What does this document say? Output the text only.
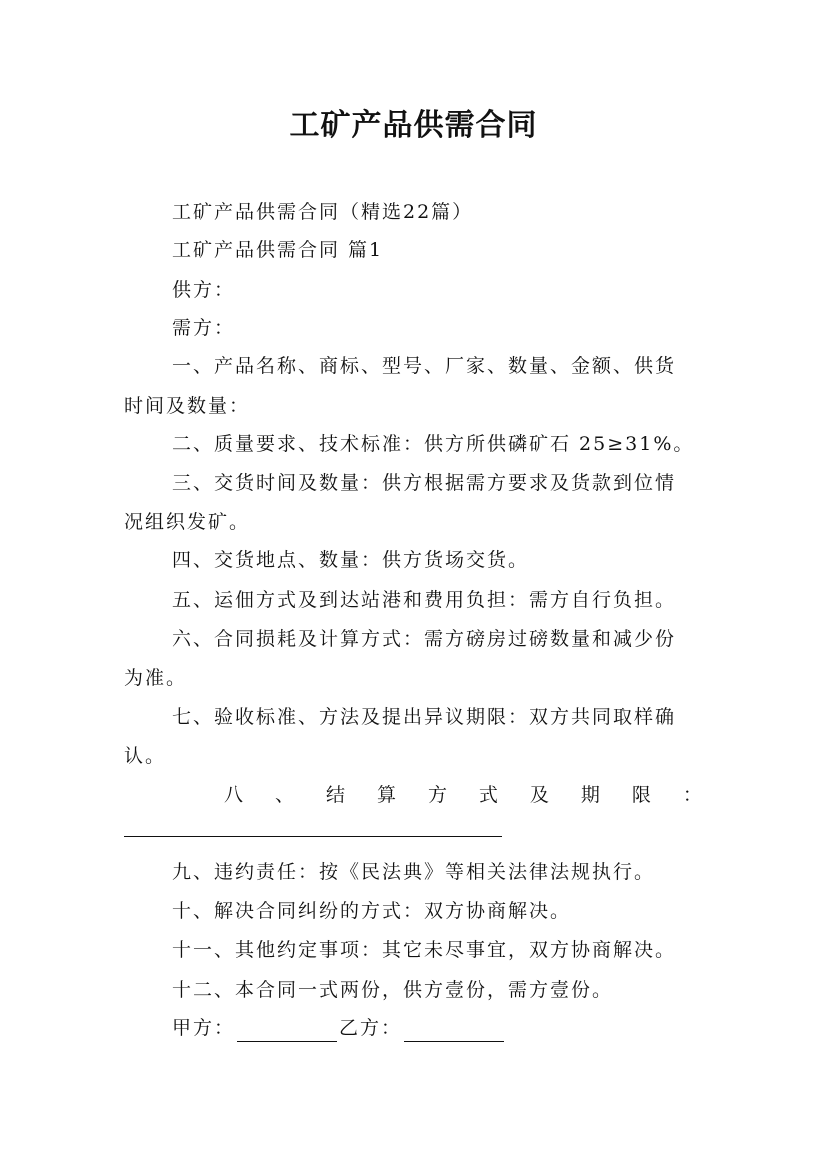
工矿产品供需合同
工矿产品供需合同（精选22篇）
工矿产品供需合同 篇1
供方：
需方：
一、产品名称、商标、型号、厂家、数量、金额、供货
时间及数量：
二、质量要求、技术标准：供方所供磷矿石 25≥31%。
三、交货时间及数量：供方根据需方要求及货款到位情
况组织发矿。
四、交货地点、数量：供方货场交货。
五、运佃方式及到达站港和费用负担：需方自行负担。
六、合同损耗及计算方式：需方磅房过磅数量和减少份
为准。
七、验收标准、方法及提出异议期限：双方共同取样确
认。
八 、 结 算 方 式 及 期 限 ：
九、违约责任：按《民法典》等相关法律法规执行。
十、解决合同纠纷的方式：双方协商解决。
十一、其他约定事项：其它未尽事宜，双方协商解决。
十二、本合同一式两份，供方壹份，需方壹份。
甲方：	乙方：
